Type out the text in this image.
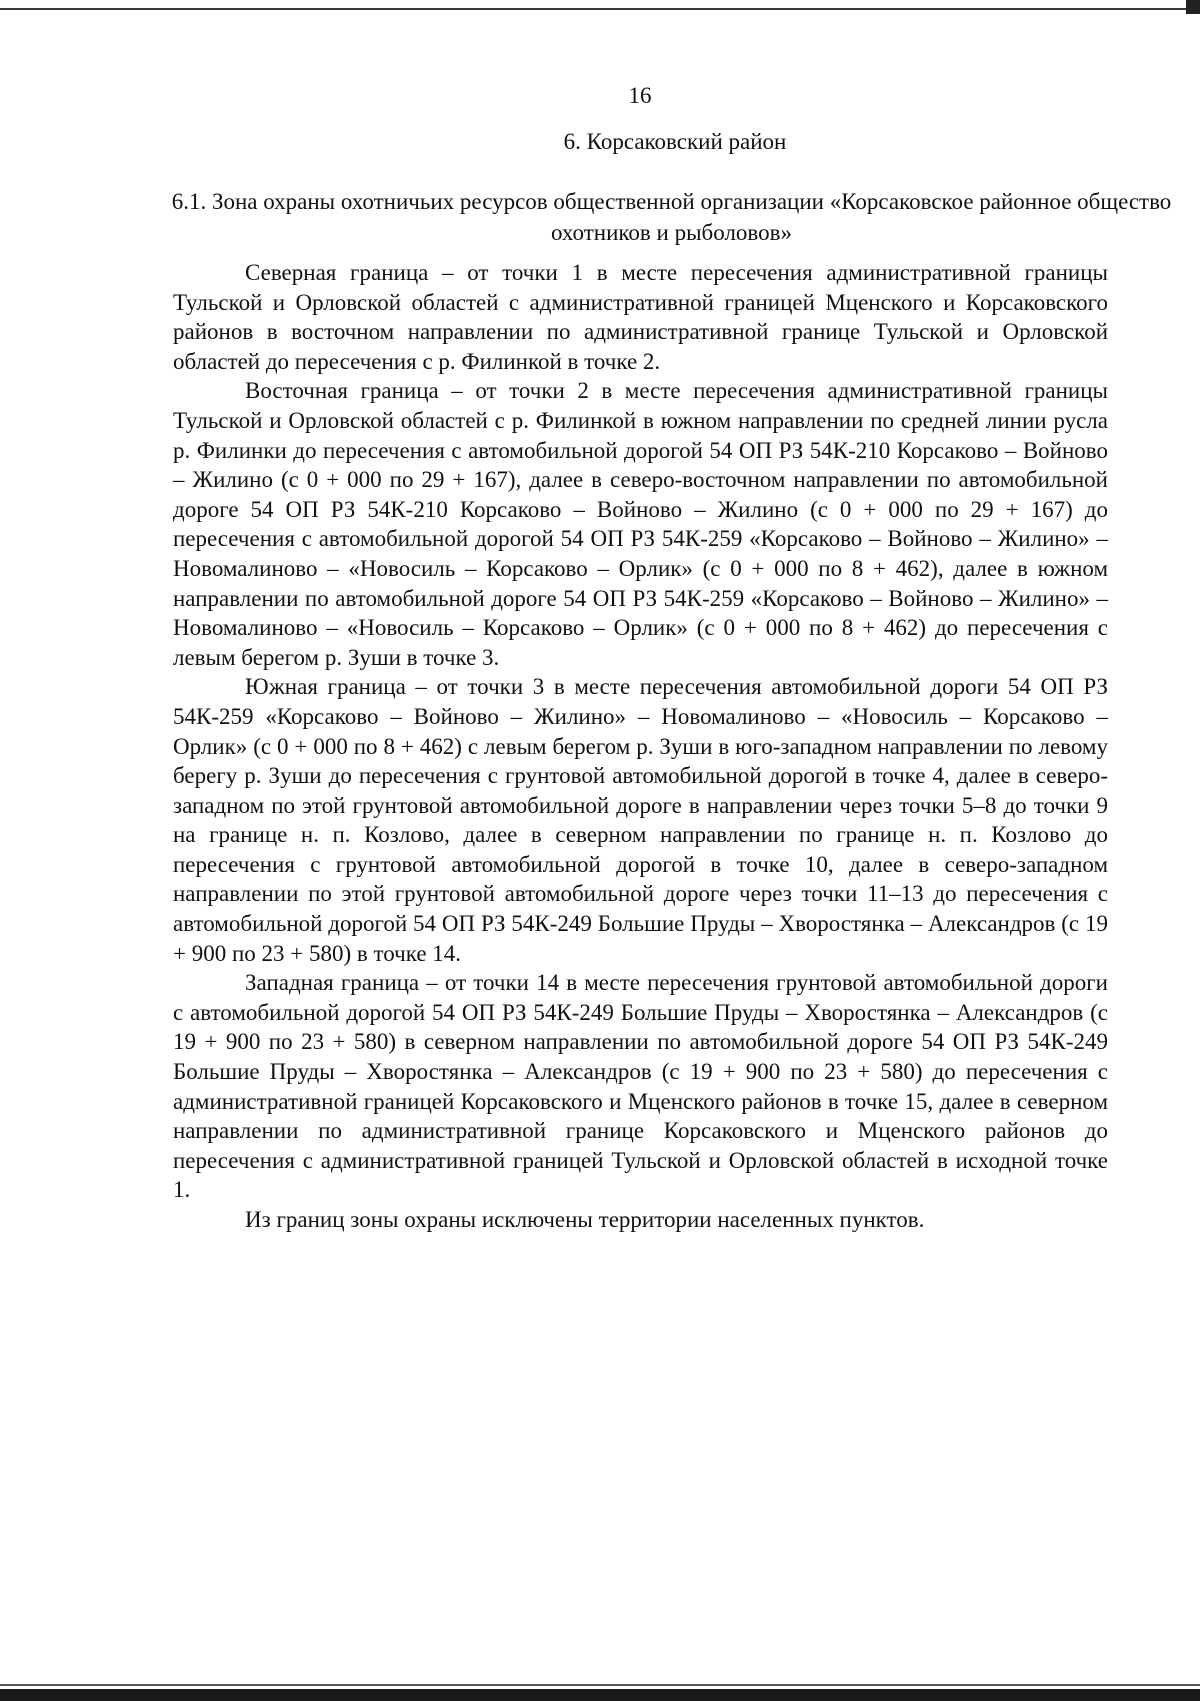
16
6. Корсаковский район
6.1. Зона охраны охотничьих ресурсов общественной организации «Корсаковское районное общество охотников и рыболовов»

Северная граница – от точки 1 в месте пересечения административной границы Тульской и Орловской областей с административной границей Мценского и Корсаковского районов в восточном направлении по административной границе Тульской и Орловской областей до пересечения с р. Филинкой в точке 2.

Восточная граница – от точки 2 в месте пересечения административной границы Тульской и Орловской областей с р. Филинкой в южном направлении по средней линии русла р. Филинки до пересечения с автомобильной дорогой 54 ОП РЗ 54К-210 Корсаково – Войново – Жилино (с 0 + 000 по 29 + 167), далее в северо-восточном направлении по автомобильной дороге 54 ОП РЗ 54К-210 Корсаково – Войново – Жилино (с 0 + 000 по 29 + 167) до пересечения с автомобильной дорогой 54 ОП РЗ 54К-259 «Корсаково – Войново – Жилино» – Новомалиново – «Новосиль – Корсаково – Орлик» (с 0 + 000 по 8 + 462), далее в южном направлении по автомобильной дороге 54 ОП РЗ 54К-259 «Корсаково – Войново – Жилино» – Новомалиново – «Новосиль – Корсаково – Орлик» (с 0 + 000 по 8 + 462) до пересечения с левым берегом р. Зуши в точке 3.

Южная граница – от точки 3 в месте пересечения автомобильной дороги 54 ОП РЗ 54К-259 «Корсаково – Войново – Жилино» – Новомалиново – «Новосиль – Корсаково – Орлик» (с 0 + 000 по 8 + 462) с левым берегом р. Зуши в юго-западном направлении по левому берегу р. Зуши до пересечения с грунтовой автомобильной дорогой в точке 4, далее в северо-западном по этой грунтовой автомобильной дороге в направлении через точки 5–8 до точки 9 на границе н. п. Козлово, далее в северном направлении по границе н. п. Козлово до пересечения с грунтовой автомобильной дорогой в точке 10, далее в северо-западном направлении по этой грунтовой автомобильной дороге через точки 11–13 до пересечения с автомобильной дорогой 54 ОП РЗ 54К-249 Большие Пруды – Хворостянка – Александров (с 19 + 900 по 23 + 580) в точке 14.

Западная граница – от точки 14 в месте пересечения грунтовой автомобильной дороги с автомобильной дорогой 54 ОП РЗ 54К-249 Большие Пруды – Хворостянка – Александров (с 19 + 900 по 23 + 580) в северном направлении по автомобильной дороге 54 ОП РЗ 54К-249 Большие Пруды – Хворостянка – Александров (с 19 + 900 по 23 + 580) до пересечения с административной границей Корсаковского и Мценского районов в точке 15, далее в северном направлении по административной границе Корсаковского и Мценского районов до пересечения с административной границей Тульской и Орловской областей в исходной точке 1.

Из границ зоны охраны исключены территории населенных пунктов.
